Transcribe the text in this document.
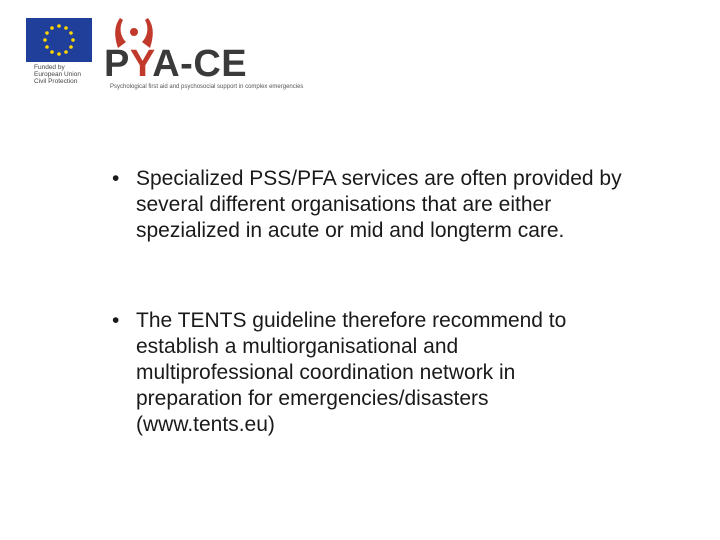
Funded by
European Union
Civil Protection PYA-CE
Psychological first aid and psychosocial support in complex emergencies
• Specialized PSS/PFA services are often provided by
several different organisations that are either
spezialized in acute or mid and longterm care.
• The TENTS guideline therefore recommend to
establish a multiorganisational and
multiprofessional coordination network in
preparation for emergencies/disasters
(www.tents.eu)
